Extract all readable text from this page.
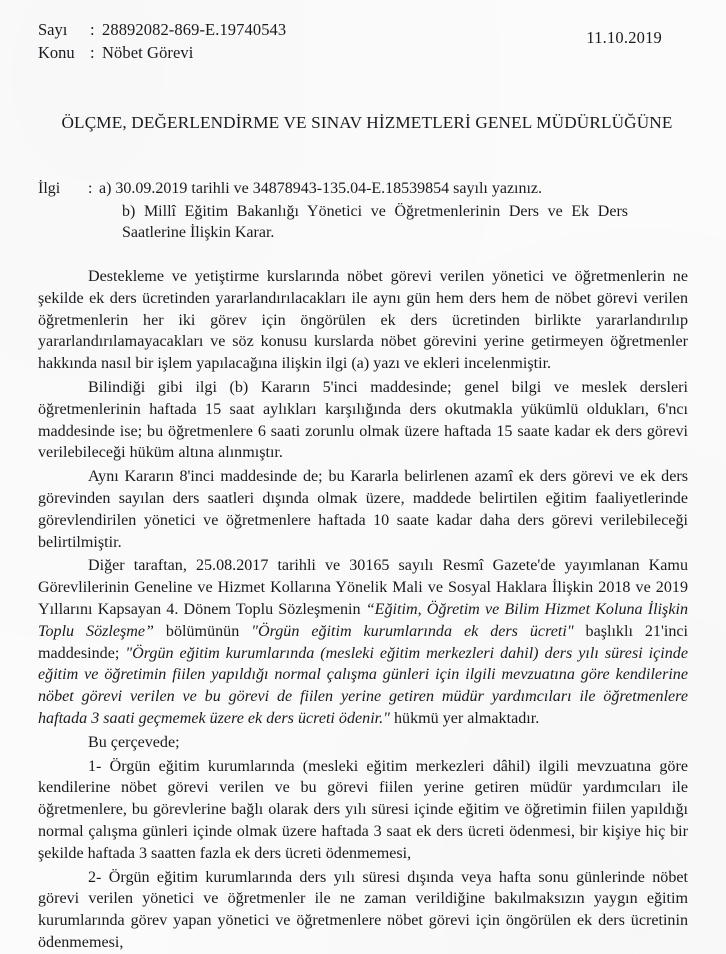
Sayı	: 28892082-869-E.19740543
Konu : Nöbet Görevi
11.10.2019
ÖLÇME, DEĞERLENDİRME VE SINAV HİZMETLERİ GENEL MÜDÜRLÜĞÜNE
İlgi	: a) 30.09.2019 tarihli ve 34878943-135.04-E.18539854 sayılı yazınız.
b) Millî Eğitim Bakanlığı Yönetici ve Öğretmenlerinin Ders ve Ek Ders Saatlerine İlişkin Karar.

Destekleme ve yetiştirme kurslarında nöbet görevi verilen yönetici ve öğretmenlerin ne şekilde ek ders ücretinden yararlandırılacakları ile aynı gün hem ders hem de nöbet görevi verilen öğretmenlerin her iki görev için öngörülen ek ders ücretinden birlikte yararlandırılıp yararlandırılamayacakları ve söz konusu kurslarda nöbet görevini yerine getirmeyen öğretmenler hakkında nasıl bir işlem yapılacağına ilişkin ilgi (a) yazı ve ekleri incelenmiştir.

Bilindiği gibi ilgi (b) Kararın 5'inci maddesinde; genel bilgi ve meslek dersleri öğretmenlerinin haftada 15 saat aylıkları karşılığında ders okutmakla yükümlü oldukları, 6'ncı maddesinde ise; bu öğretmenlere 6 saati zorunlu olmak üzere haftada 15 saate kadar ek ders görevi verilebileceği hüküm altına alınmıştır.

Aynı Kararın 8'inci maddesinde de; bu Kararla belirlenen azamî ek ders görevi ve ek ders görevinden sayılan ders saatleri dışında olmak üzere, maddede belirtilen eğitim faaliyetlerinde görevlendirilen yönetici ve öğretmenlere haftada 10 saate kadar daha ders görevi verilebileceği belirtilmiştir.

Diğer taraftan, 25.08.2017 tarihli ve 30165 sayılı Resmî Gazete'de yayımlanan Kamu Görevlilerinin Geneline ve Hizmet Kollarına Yönelik Mali ve Sosyal Haklara İlişkin 2018 ve 2019 Yıllarını Kapsayan 4. Dönem Toplu Sözleşmenin “Eğitim, Öğretim ve Bilim Hizmet Koluna İlişkin Toplu Sözleşme” bölümünün "Örgün eğitim kurumlarında ek ders ücreti" başlıklı 21'inci maddesinde; "Örgün eğitim kurumlarında (mesleki eğitim merkezleri dahil) ders yılı süresi içinde eğitim ve öğretimin fiilen yapıldığı normal çalışma günleri için ilgili mevzuatına göre kendilerine nöbet görevi verilen ve bu görevi de fiilen yerine getiren müdür yardımcıları ile öğretmenlere haftada 3 saati geçmemek üzere ek ders ücreti ödenir." hükmü yer almaktadır.

Bu çerçevede;

1- Örgün eğitim kurumlarında (mesleki eğitim merkezleri dâhil) ilgili mevzuatına göre kendilerine nöbet görevi verilen ve bu görevi fiilen yerine getiren müdür yardımcıları ile öğretmenlere, bu görevlerine bağlı olarak ders yılı süresi içinde eğitim ve öğretimin fiilen yapıldığı normal çalışma günleri içinde olmak üzere haftada 3 saat ek ders ücreti ödenmesi, bir kişiye hiç bir şekilde haftada 3 saatten fazla ek ders ücreti ödenmemesi,

2- Örgün eğitim kurumlarında ders yılı süresi dışında veya hafta sonu günlerinde nöbet görevi verilen yönetici ve öğretmenler ile ne zaman verildiğine bakılmaksızın yaygın eğitim kurumlarında görev yapan yönetici ve öğretmenlere nöbet görevi için öngörülen ek ders ücretinin ödenmemesi,
